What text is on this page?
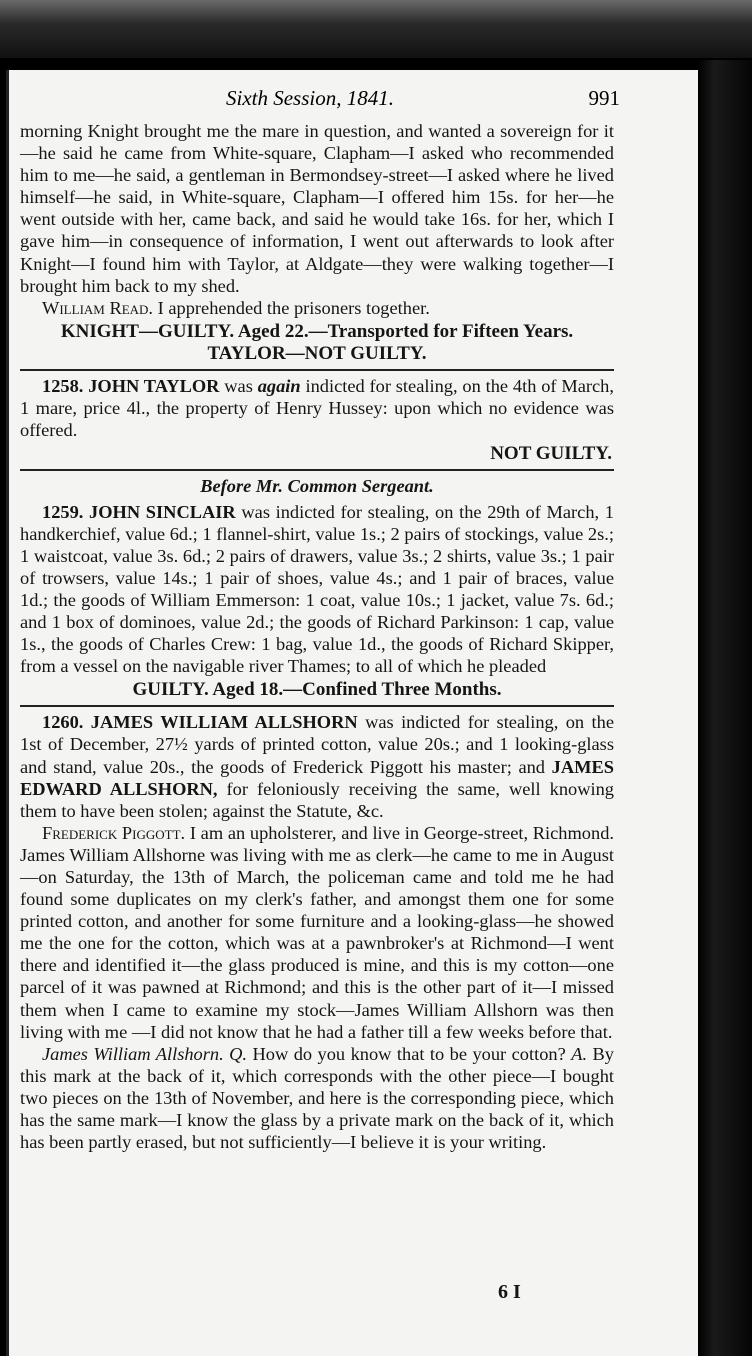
Sixth Session, 1841.	991

morning Knight brought me the mare in question, and wanted a sovereign for it—he said he came from White-square, Clapham—I asked who recommended him to me—he said, a gentleman in Bermondsey-street—I asked where he lived himself—he said, in White-square, Clapham—I offered him 15s. for her—he went outside with her, came back, and said he would take 16s. for her, which I gave him—in consequence of information, I went out afterwards to look after Knight—I found him with Taylor, at Aldgate—they were walking together—I brought him back to my shed.

William Read. I apprehended the prisoners together.

KNIGHT—GUILTY. Aged 22.—Transported for Fifteen Years.
TAYLOR—NOT GUILTY.

1258. JOHN TAYLOR was again indicted for stealing, on the 4th of March, 1 mare, price 4l., the property of Henry Hussey: upon which no evidence was offered.

NOT GUILTY.
Before Mr. Common Sergeant.

1259. JOHN SINCLAIR was indicted for stealing, on the 29th of March, 1 handkerchief, value 6d.; 1 flannel-shirt, value 1s.; 2 pairs of stockings, value 2s.; 1 waistcoat, value 3s. 6d.; 2 pairs of drawers, value 3s.; 2 shirts, value 3s.; 1 pair of trowsers, value 14s.; 1 pair of shoes, value 4s.; and 1 pair of braces, value 1d.; the goods of William Emmerson: 1 coat, value 10s.; 1 jacket, value 7s. 6d.; and 1 box of dominoes, value 2d.; the goods of Richard Parkinson: 1 cap, value 1s., the goods of Charles Crew: 1 bag, value 1d., the goods of Richard Skipper, from a vessel on the navigable river Thames; to all of which he pleaded

GUILTY. Aged 18.—Confined Three Months.

1260. JAMES WILLIAM ALLSHORN was indicted for stealing, on the 1st of December, 27½ yards of printed cotton, value 20s.; and 1 looking-glass and stand, value 20s., the goods of Frederick Piggott his master; and JAMES EDWARD ALLSHORN, for feloniously receiving the same, well knowing them to have been stolen; against the Statute, &c.

Frederick Piggott. I am an upholsterer, and live in George-street, Richmond. James William Allshorne was living with me as clerk—he came to me in August—on Saturday, the 13th of March, the policeman came and told me he had found some duplicates on my clerk's father, and amongst them one for some printed cotton, and another for some furniture and a looking-glass—he showed me the one for the cotton, which was at a pawnbroker's at Richmond—I went there and identified it—the glass produced is mine, and this is my cotton—one parcel of it was pawned at Richmond; and this is the other part of it—I missed them when I came to examine my stock—James William Allshorn was then living with me —I did not know that he had a father till a few weeks before that.

James William Allshorn. Q. How do you know that to be your cotton? A. By this mark at the back of it, which corresponds with the other piece—I bought two pieces on the 13th of November, and here is the corresponding piece, which has the same mark—I know the glass by a private mark on the back of it, which has been partly erased, but not sufficiently—I believe it is your writing.

6 I
